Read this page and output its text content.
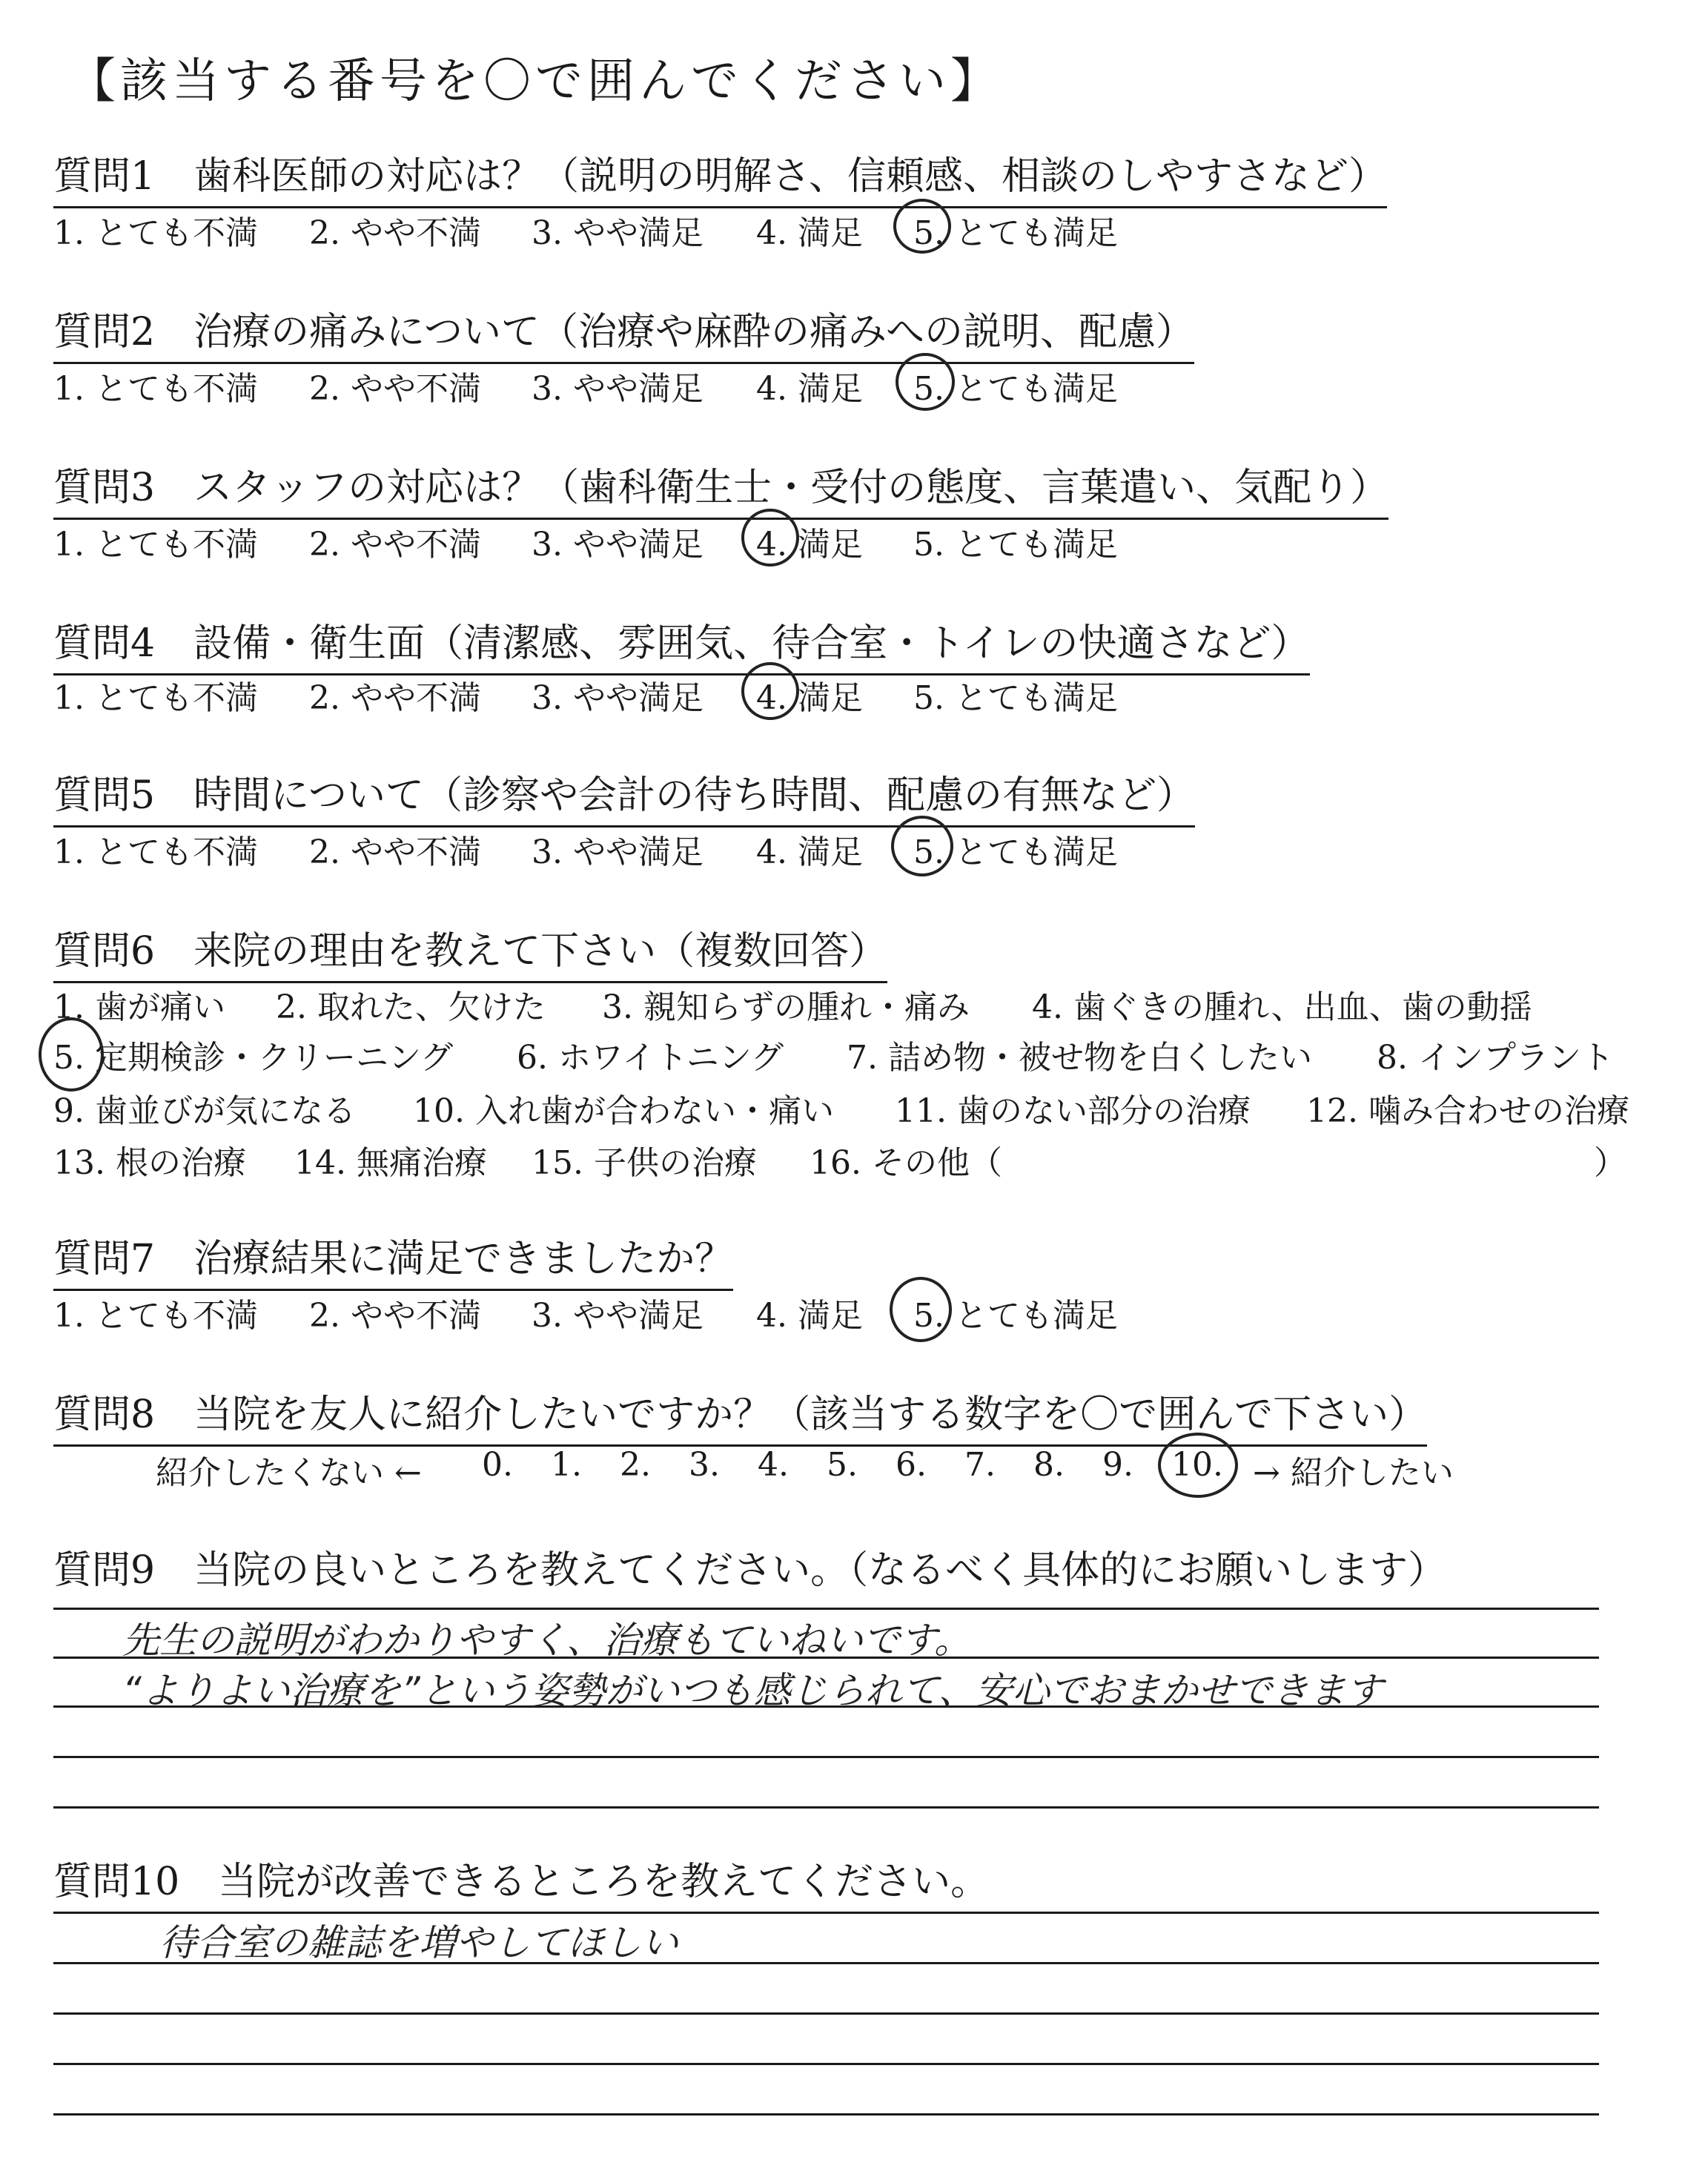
【該当する番号を〇で囲んでください】
質問1　歯科医師の対応は？（説明の明解さ、信頼感、相談のしやすさなど）
1. とても不満 2. やや不満 3. やや満足 4. 満足 5. とても満足
質問2　治療の痛みについて（治療や麻酔の痛みへの説明、配慮）
1. とても不満 2. やや不満 3. やや満足 4. 満足 5. とても満足
質問3　スタッフの対応は？（歯科衛生士・受付の態度、言葉遣い、気配り）
1. とても不満 2. やや不満 3. やや満足 4. 満足 5. とても満足
質問4　設備・衛生面（清潔感、雰囲気、待合室・トイレの快適さなど）
1. とても不満 2. やや不満 3. やや満足 4. 満足 5. とても満足
質問5　時間について（診察や会計の待ち時間、配慮の有無など）
1. とても不満 2. やや不満 3. やや満足 4. 満足 5. とても満足
質問6　来院の理由を教えて下さい（複数回答）
1. 歯が痛い 2. 取れた、欠けた 3. 親知らずの腫れ・痛み 4. 歯ぐきの腫れ、出血、歯の動揺
5. 定期検診・クリーニング 6. ホワイトニング 7. 詰め物・被せ物を白くしたい 8. インプラント
9. 歯並びが気になる 10. 入れ歯が合わない・痛い 11. 歯のない部分の治療 12. 噛み合わせの治療
13. 根の治療 14. 無痛治療 15. 子供の治療 16. その他（	）
質問7　治療結果に満足できましたか？
1. とても不満 2. やや不満 3. やや満足 4. 満足 5. とても満足
質問8　当院を友人に紹介したいですか？（該当する数字を〇で囲んで下さい）
紹介したくない ← 0. 1. 2. 3. 4. 5. 6. 7. 8. 9. 10. → 紹介したい
質問9　当院の良いところを教えてください。（なるべく具体的にお願いします）
先生の説明がわかりやすく、治療もていねいです。
“よりよい治療を”という姿勢がいつも感じられて、安心でおまかせできます
質問10　当院が改善できるところを教えてください。
待合室の雑誌を増やしてほしい
